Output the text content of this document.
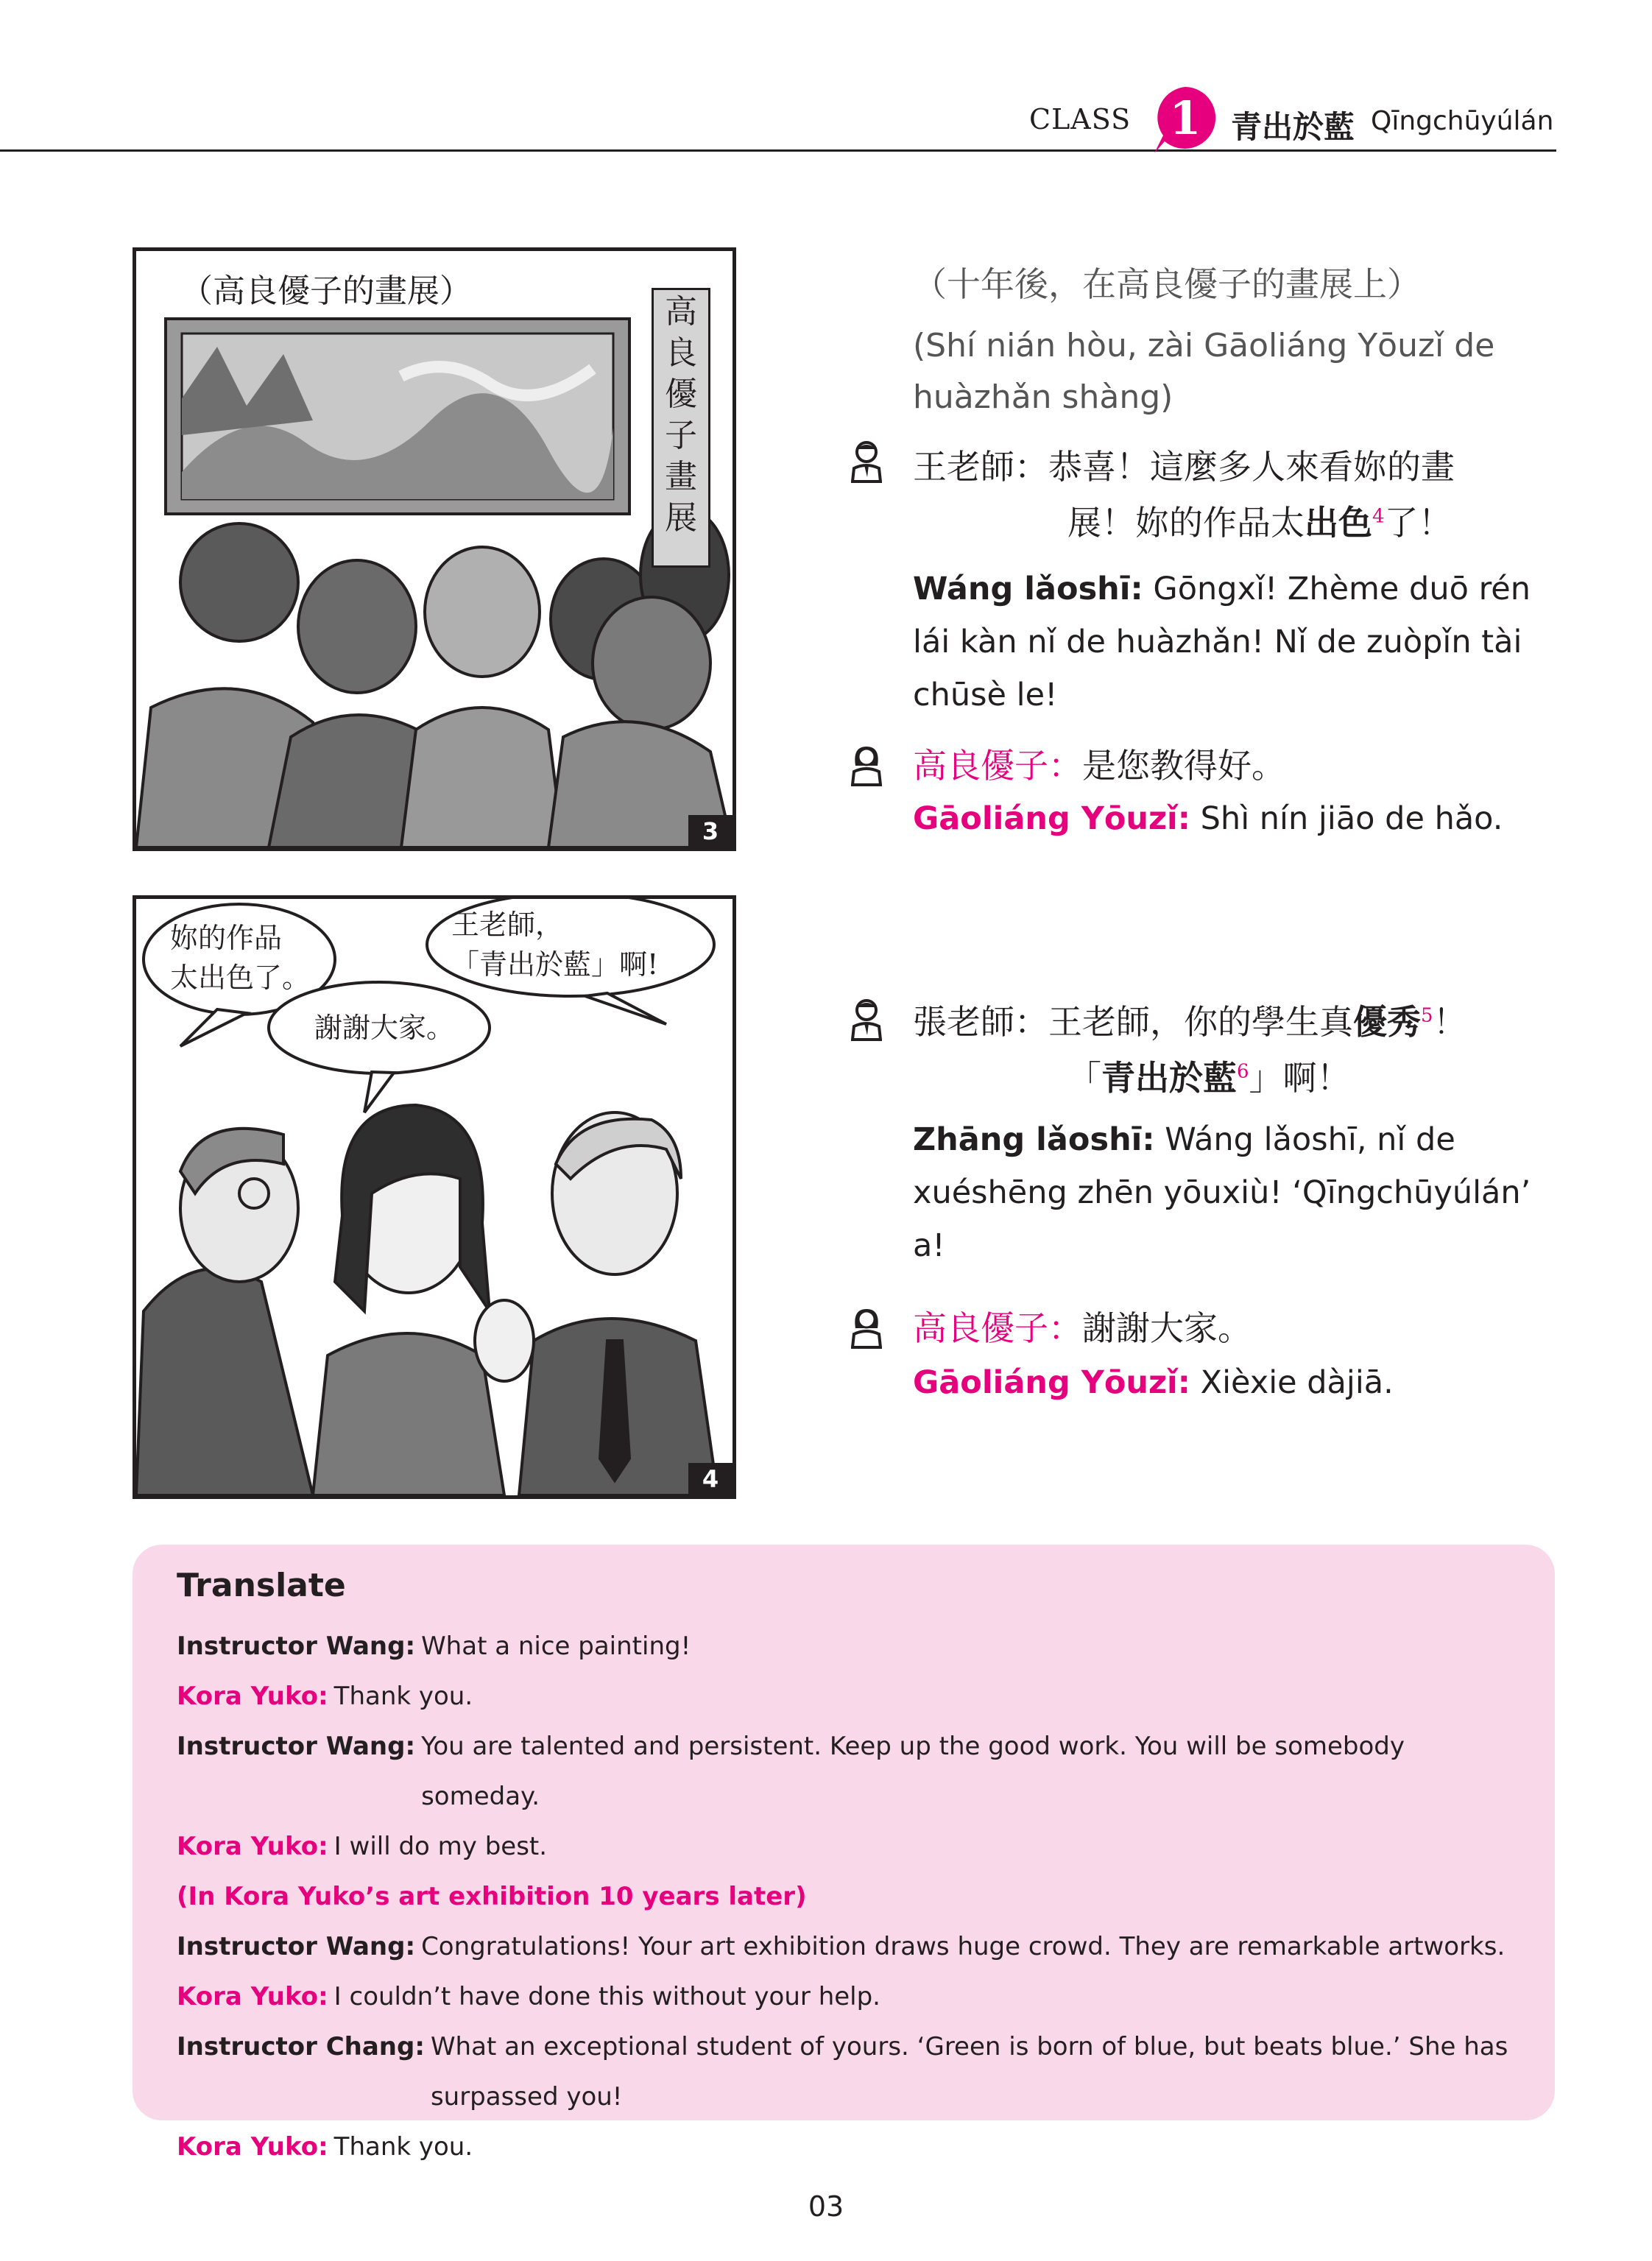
CLASS 1 青出於藍 Qīngchūyúlán
（高良優子的畫展）
高
良
優
子
畫
展
3
妳的作品
太出色了。
謝謝大家。
王老師，
「青出於藍」啊!
4
（十年後，在高良優子的畫展上）
(Shí nián hòu, zài Gāoliáng Yōuzǐ de huàzhǎn shàng)
王老師：恭喜！這麼多人來看妳的畫
展！妳的作品太出色$^4$了！
Wáng lǎoshī: Gōngxǐ! Zhème duō rén lái kàn nǐ de huàzhǎn! Nǐ de zuòpǐn tài chūsè le!
高良優子：是您教得好。
Gāoliáng Yōuzǐ: Shì nín jiāo de hǎo.
張老師：王老師，你的學生真優秀$^5$！
「青出於藍$^6$」啊！
Zhāng lǎoshī: Wáng lǎoshī, nǐ de xuéshēng zhēn yōuxiù! ‘Qīngchūyúlán’ a!
高良優子：謝謝大家。
Gāoliáng Yōuzǐ: Xièxie dàjiā.
Translate
Instructor Wang: What a nice painting!
Kora Yuko: Thank you.
Instructor Wang: You are talented and persistent. Keep up the good work. You will be somebody someday.
Kora Yuko: I will do my best.
(In Kora Yuko’s art exhibition 10 years later)
Instructor Wang: Congratulations! Your art exhibition draws huge crowd. They are remarkable artworks.
Kora Yuko: I couldn’t have done this without your help.
Instructor Chang: What an exceptional student of yours. ‘Green is born of blue, but beats blue.’ She has surpassed you!
Kora Yuko: Thank you.
03
